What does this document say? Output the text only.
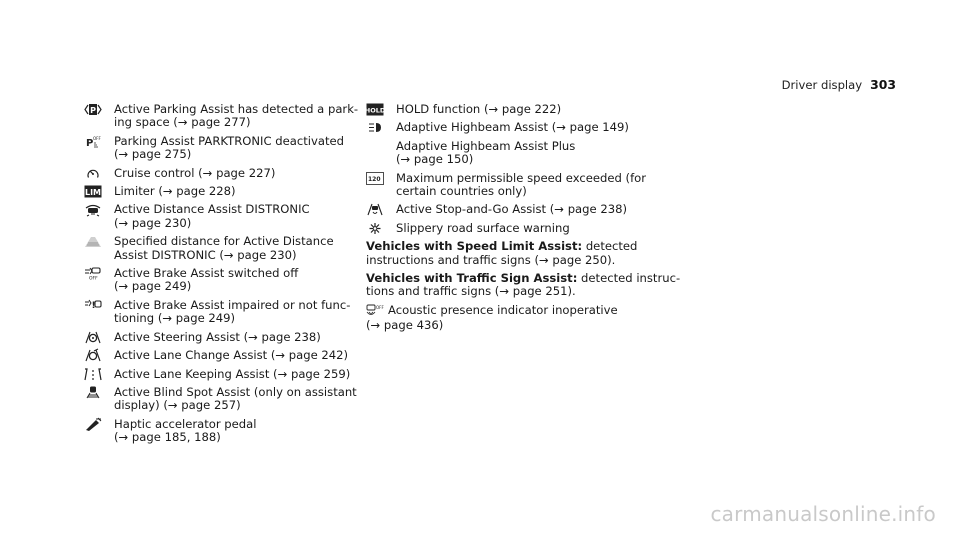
Driver display 303
P Active Parking Assist has detected a park-
ing space (→ page 277)
P OFF Parking Assist PARKTRONIC deactivated
(→ page 275)
Cruise control (→ page 227)
LIM Limiter (→ page 228)
Active Distance Assist DISTRONIC
(→ page 230)
Specified distance for Active Distance
Assist DISTRONIC (→ page 230)
OFF Active Brake Assist switched off
(→ page 249)
! Active Brake Assist impaired or not func-
tioning (→ page 249)
Active Steering Assist (→ page 238)
Active Lane Change Assist (→ page 242)
Active Lane Keeping Assist (→ page 259)
Active Blind Spot Assist (only on assistant
display) (→ page 257)
Haptic accelerator pedal
(→ page 185, 188)
HOLD HOLD function (→ page 222)
Adaptive Highbeam Assist (→ page 149)
Adaptive Highbeam Assist Plus
(→ page 150)
120 Maximum permissible speed exceeded (for
certain countries only)
Active Stop-and-Go Assist (→ page 238)
Slippery road surface warning
Vehicles with Speed Limit Assist: detected
instructions and traffic signs (→ page 250).
Vehicles with Traffic Sign Assist: detected instruc-
tions and traffic signs (→ page 251).
OFF Acoustic presence indicator inoperative
(→ page 436)
carmanualsonline.info
